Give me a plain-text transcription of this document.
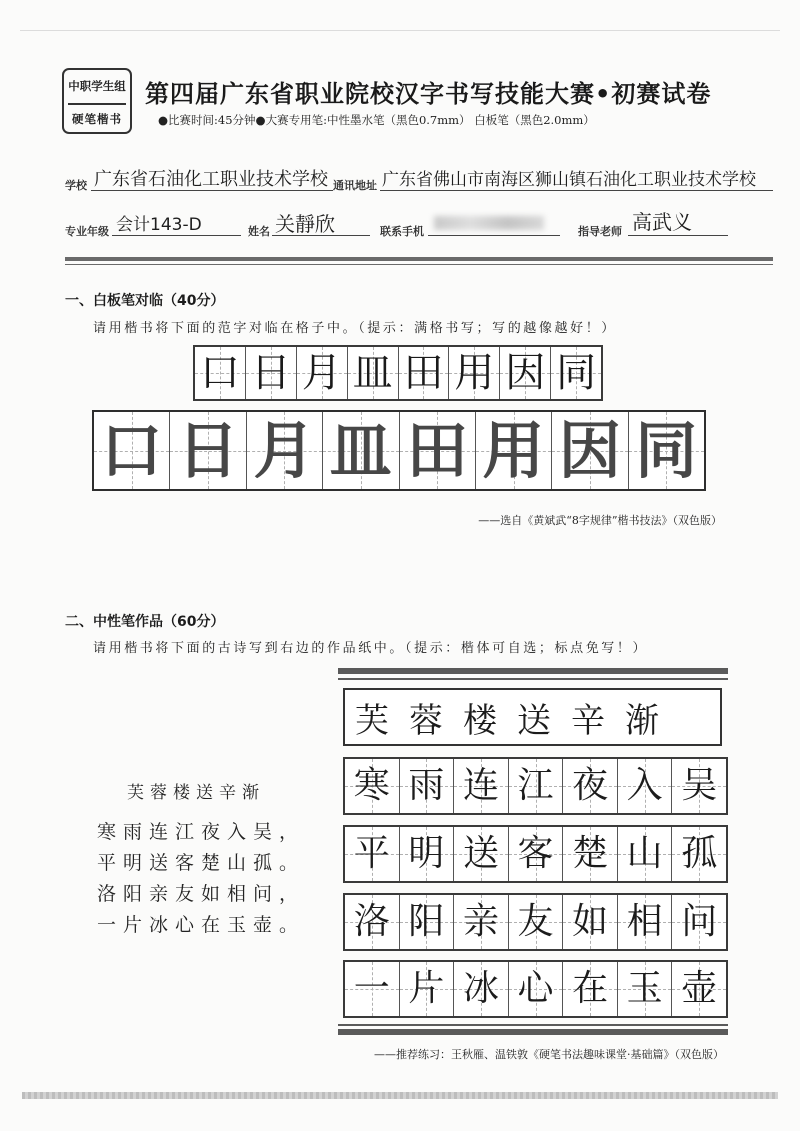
中职学生组
硬笔楷书
第四届广东省职业院校汉字书写技能大赛•初赛试卷
●比赛时间:45分钟●大赛专用笔:中性墨水笔（黑色0.7mm） 白板笔（黑色2.0mm）
学校 广东省石油化工职业技术学校 通讯地址 广东省佛山市南海区狮山镇石油化工职业技术学校
专业年级 会计143-D	姓名 关靜欣	联系手机	指导老师 高武义
一、白板笔对临（40分）
请用楷书将下面的范字对临在格子中。（提示：满格书写；写的越像越好！）
口 日 月 皿 田 用 因 同
口 日 月 皿 田 用 因 同
——选自《黄斌武“8字规律”楷书技法》（双色版）
二、中性笔作品（60分）
请用楷书将下面的古诗写到右边的作品纸中。（提示：楷体可自选；标点免写！）
芙蓉楼送辛渐
寒雨连江夜入吴，
平明送客楚山孤。
洛阳亲友如相问，
一片冰心在玉壶。
芙蓉楼送辛渐
寒 雨 连 江 夜 入 吴
平 明 送 客 楚 山 孤
洛 阳 亲 友 如 相 问
一 片 冰 心 在 玉 壶
——推荐练习：王秋雁、温铁敦《硬笔书法趣味课堂·基础篇》（双色版）
